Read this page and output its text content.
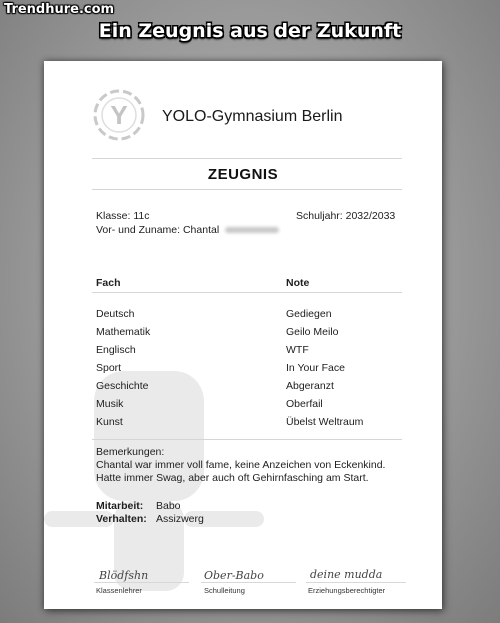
Trendhure.com
Ein Zeugnis aus der Zukunft
Y YOLO-Gymnasium Berlin
ZEUGNIS
Klasse: 11c	Schuljahr: 2032/2033
Vor- und Zuname: Chantal
Fach	Note
Deutsch	Gediegen
Mathematik	Geilo Meilo
Englisch	WTF
Sport	In Your Face
Geschichte	Abgeranzt
Musik	Oberfail
Kunst	Übelst Weltraum
Bemerkungen:
Chantal war immer voll fame, keine Anzeichen von Eckenkind.
Hatte immer Swag, aber auch oft Gehirnfasching am Start.
Mitarbeit: Babo
Verhalten: Assizwerg
Blödfshn
Klassenlehrer
Ober-Babo
Schulleitung
deine mudda
Erziehungsberechtigter
